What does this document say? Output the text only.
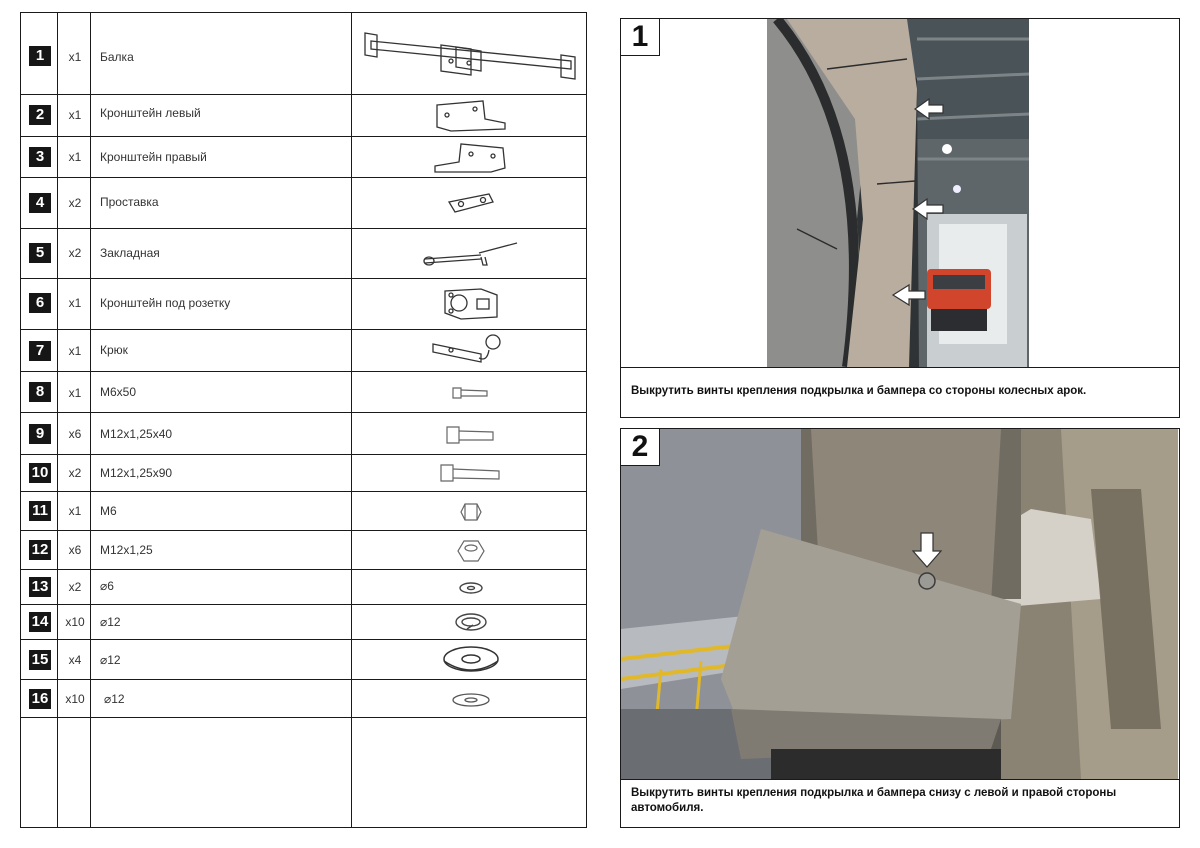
1	x1	Балка
2	x1	Кронштейн левый
3	x1	Кронштейн правый
4	x2	Проставка
5	x2	Закладная
6	x1	Кронштейн под розетку
7	x1	Крюк
8	x1	M6x50
9	x6	M12x1,25x40
10	x2	M12x1,25x90
11	x1	M6
12	x6	M12x1,25
13	x2	⌀6
14	x10	⌀12
15	x4	⌀12
16	x10	⌀12
1
Выкрутить винты крепления подкрылка и бампера со стороны колесных арок.
2
Выкрутить винты крепления подкрылка и бампера снизу с левой и правой стороны автомобиля.
